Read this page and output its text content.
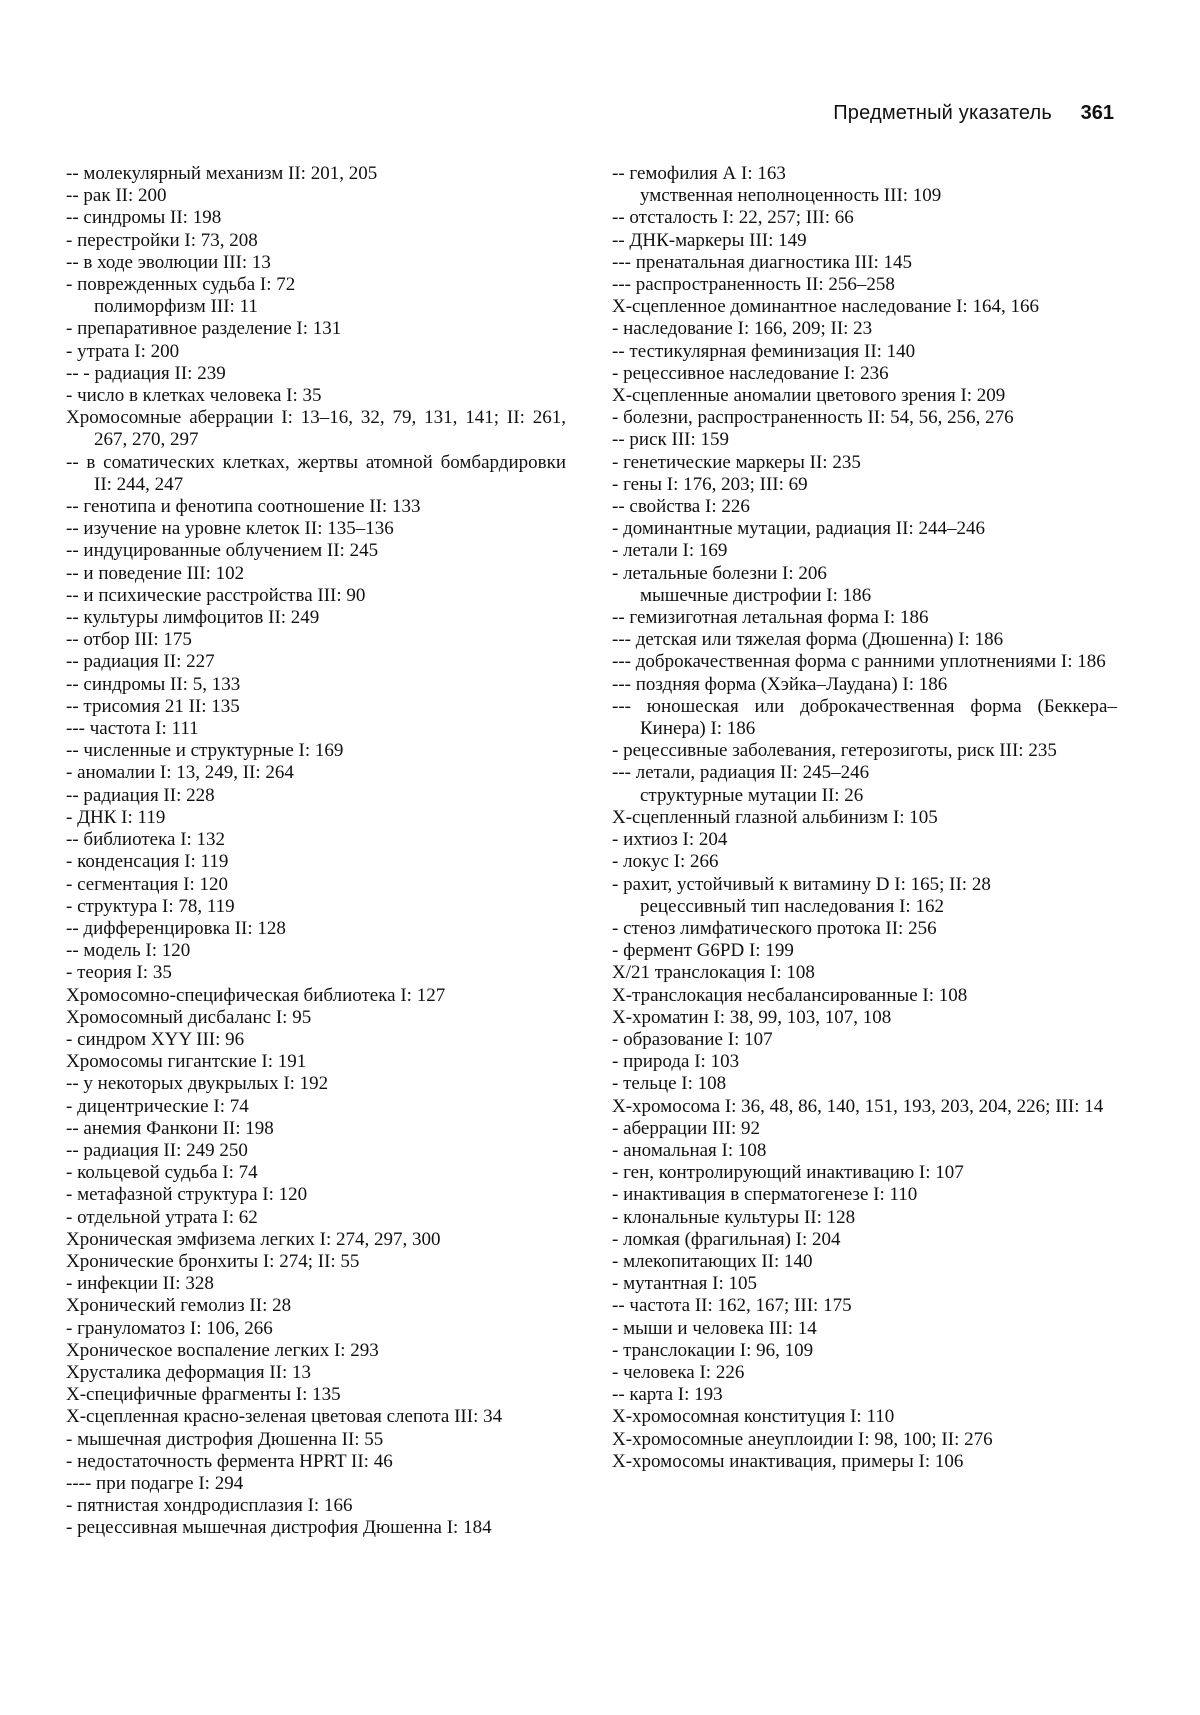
Предметный указатель 361
-- молекулярный механизм II: 201, 205
-- рак II: 200
-- синдромы II: 198
- перестройки I: 73, 208
-- в ходе эволюции III: 13
- поврежденных судьба I: 72
полиморфизм III: 11
- препаративное разделение I: 131
- утрата I: 200
-- - радиация II: 239
- число в клетках человека I: 35
Хромосомные аберрации I: 13–16, 32, 79, 131, 141; II: 261, 267, 270, 297
-- в соматических клетках, жертвы атомной бомбардировки II: 244, 247
-- генотипа и фенотипа соотношение II: 133
-- изучение на уровне клеток II: 135–136
-- индуцированные облучением II: 245
-- и поведение III: 102
-- и психические расстройства III: 90
-- культуры лимфоцитов II: 249
-- отбор III: 175
-- радиация II: 227
-- синдромы II: 5, 133
-- трисомия 21 II: 135
--- частота I: 111
-- численные и структурные I: 169
- аномалии I: 13, 249, II: 264
-- радиация II: 228
- ДНК I: 119
-- библиотека I: 132
- конденсация I: 119
- сегментация I: 120
- структура I: 78, 119
-- дифференцировка II: 128
-- модель I: 120
- теория I: 35
Хромосомно-специфическая библиотека I: 127
Хромосомный дисбаланс I: 95
- синдром XYY III: 96
Хромосомы гигантские I: 191
-- у некоторых двукрылых I: 192
- дицентрические I: 74
-- анемия Фанкони II: 198
-- радиация II: 249 250
- кольцевой судьба I: 74
- метафазной структура I: 120
- отдельной утрата I: 62
Хроническая эмфизема легких I: 274, 297, 300
Хронические бронхиты I: 274; II: 55
- инфекции II: 328
Хронический гемолиз II: 28
- грануломатоз I: 106, 266
Хроническое воспаление легких I: 293
Хрусталика деформация II: 13
Х-специфичные фрагменты I: 135
Х-сцепленная красно-зеленая цветовая слепота III: 34
- мышечная дистрофия Дюшенна II: 55
- недостаточность фермента HPRT II: 46
---- при подагре I: 294
- пятнистая хондродисплазия I: 166
- рецессивная мышечная дистрофия Дюшенна I: 184
-- гемофилия А I: 163
умственная неполноценность III: 109
-- отсталость I: 22, 257; III: 66
-- ДНК-маркеры III: 149
--- пренатальная диагностика III: 145
--- распространенность II: 256–258
Х-сцепленное доминантное наследование I: 164, 166
- наследование I: 166, 209; II: 23
-- тестикулярная феминизация II: 140
- рецессивное наследование I: 236
Х-сцепленные аномалии цветового зрения I: 209
- болезни, распространенность II: 54, 56, 256, 276
-- риск III: 159
- генетические маркеры II: 235
- гены I: 176, 203; III: 69
-- свойства I: 226
- доминантные мутации, радиация II: 244–246
- летали I: 169
- летальные болезни I: 206
мышечные дистрофии I: 186
-- гемизиготная летальная форма I: 186
--- детская или тяжелая форма (Дюшенна) I: 186
--- доброкачественная форма с ранними уплотнениями I: 186
--- поздняя форма (Хэйка–Лаудана) I: 186
--- юношеская или доброкачественная форма (Беккера–Кинера) I: 186
- рецессивные заболевания, гетерозиготы, риск III: 235
--- летали, радиация II: 245–246
структурные мутации II: 26
Х-сцепленный глазной альбинизм I: 105
- ихтиоз I: 204
- локус I: 266
- рахит, устойчивый к витамину D I: 165; II: 28
рецессивный тип наследования I: 162
- стеноз лимфатического протока II: 256
- фермент G6PD I: 199
X/21 транслокация I: 108
Х-транслокация несбалансированные I: 108
Х-хроматин I: 38, 99, 103, 107, 108
- образование I: 107
- природа I: 103
- тельце I: 108
Х-хромосома I: 36, 48, 86, 140, 151, 193, 203, 204, 226; III: 14
- аберрации III: 92
- аномальная I: 108
- ген, контролирующий инактивацию I: 107
- инактивация в сперматогенезе I: 110
- клональные культуры II: 128
- ломкая (фрагильная) I: 204
- млекопитающих II: 140
- мутантная I: 105
-- частота II: 162, 167; III: 175
- мыши и человека III: 14
- транслокации I: 96, 109
- человека I: 226
-- карта I: 193
Х-хромосомная конституция I: 110
Х-хромосомные анеуплоидии I: 98, 100; II: 276
Х-хромосомы инактивация, примеры I: 106
